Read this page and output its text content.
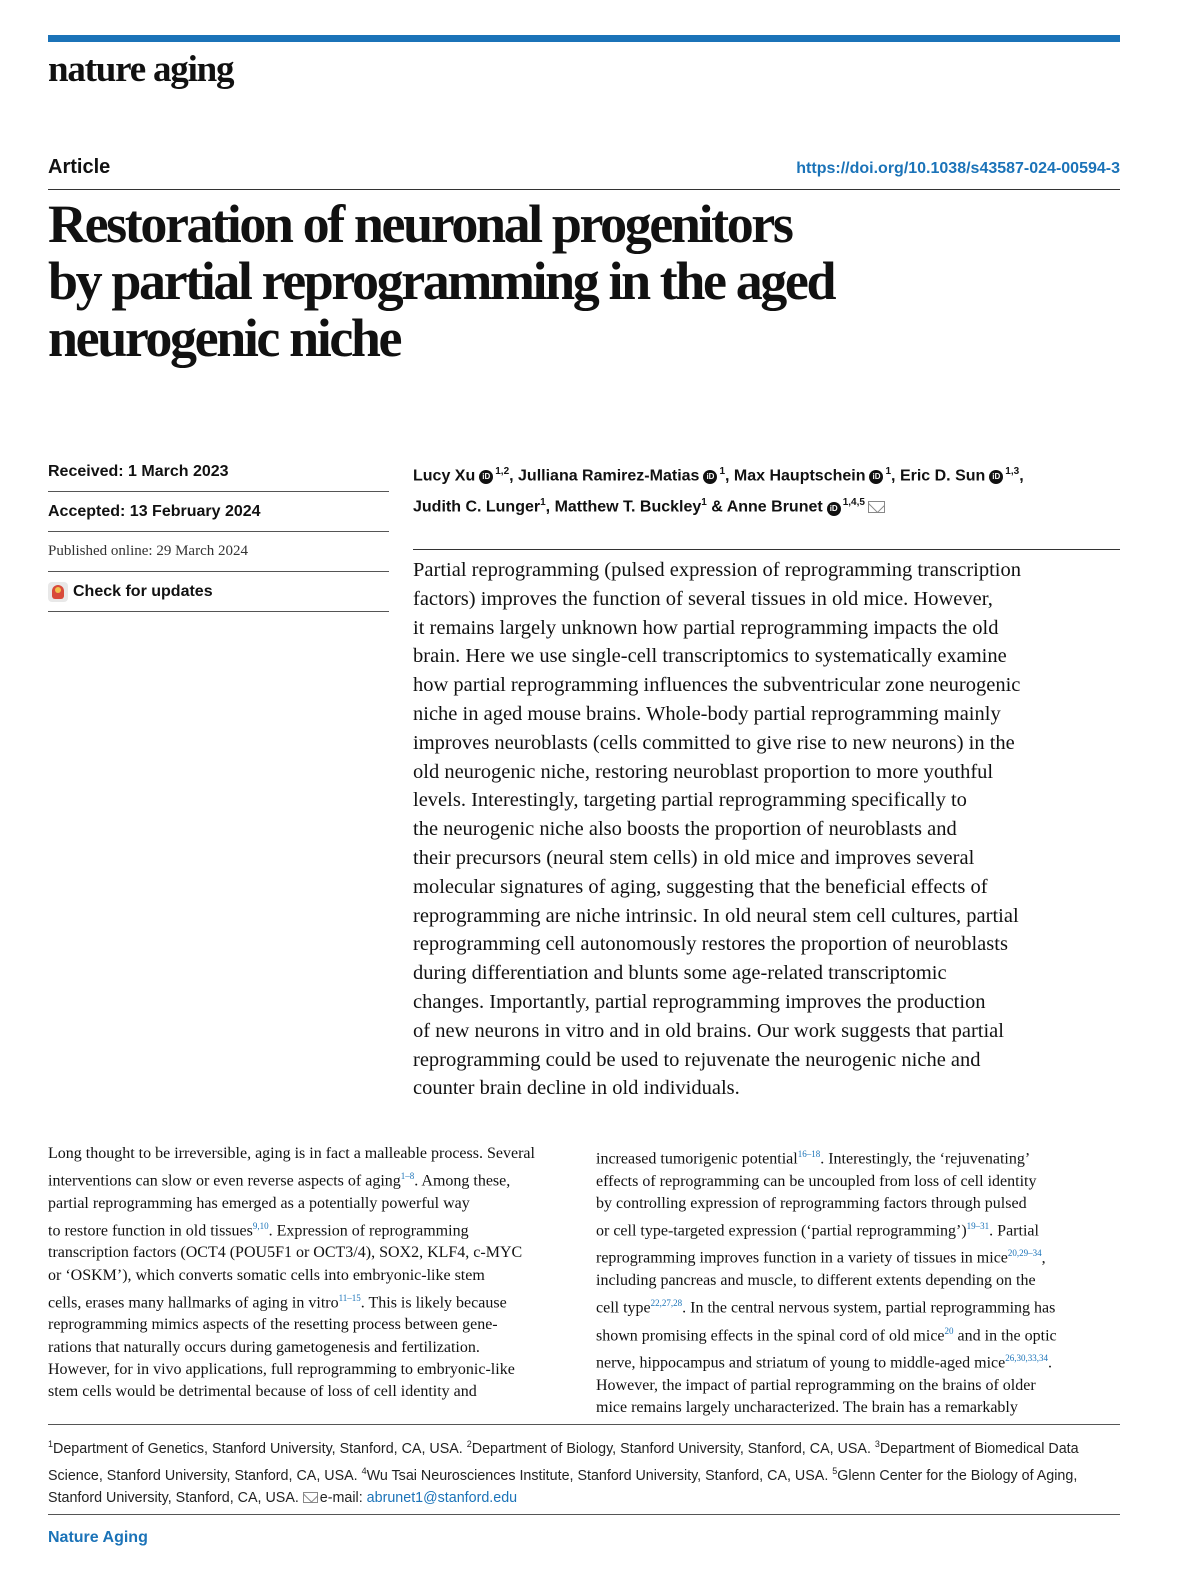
nature aging
Article	https://doi.org/10.1038/s43587-024-00594-3
Restoration of neuronal progenitors
by partial reprogramming in the aged
neurogenic niche
Received: 1 March 2023
Accepted: 13 February 2024
Published online: 29 March 2024
Check for updates
Lucy Xu iD $^{1,2}$, Julliana Ramirez-Matias iD $^1$, Max Hauptschein iD $^1$, Eric D. Sun iD $^{1,3}$,
Judith C. Lunger$^1$, Matthew T. Buckley$^1$ & Anne Brunet iD $^{1,4,5}$
Partial reprogramming (pulsed expression of reprogramming transcription
factors) improves the function of several tissues in old mice. However,
it remains largely unknown how partial reprogramming impacts the old
brain. Here we use single-cell transcriptomics to systematically examine
how partial reprogramming influences the subventricular zone neurogenic
niche in aged mouse brains. Whole-body partial reprogramming mainly
improves neuroblasts (cells committed to give rise to new neurons) in the
old neurogenic niche, restoring neuroblast proportion to more youthful
levels. Interestingly, targeting partial reprogramming specifically to
the neurogenic niche also boosts the proportion of neuroblasts and
their precursors (neural stem cells) in old mice and improves several
molecular signatures of aging, suggesting that the beneficial effects of
reprogramming are niche intrinsic. In old neural stem cell cultures, partial
reprogramming cell autonomously restores the proportion of neuroblasts
during differentiation and blunts some age-related transcriptomic
changes. Importantly, partial reprogramming improves the production
of new neurons in vitro and in old brains. Our work suggests that partial
reprogramming could be used to rejuvenate the neurogenic niche and
counter brain decline in old individuals.
Long thought to be irreversible, aging is in fact a malleable process. Several
interventions can slow or even reverse aspects of aging$^{1-8}$. Among these,
partial reprogramming has emerged as a potentially powerful way
to restore function in old tissues$^{9,10}$. Expression of reprogramming
transcription factors (OCT4 (POU5F1 or OCT3/4), SOX2, KLF4, c-MYC
or ‘OSKM’), which converts somatic cells into embryonic-like stem
cells, erases many hallmarks of aging in vitro$^{11-15}$. This is likely because
reprogramming mimics aspects of the resetting process between gene-
rations that naturally occurs during gametogenesis and fertilization.
However, for in vivo applications, full reprogramming to embryonic-like
stem cells would be detrimental because of loss of cell identity and
increased tumorigenic potential$^{16-18}$. Interestingly, the ‘rejuvenating’
effects of reprogramming can be uncoupled from loss of cell identity
by controlling expression of reprogramming factors through pulsed
or cell type-targeted expression (‘partial reprogramming’)$^{19-31}$. Partial
reprogramming improves function in a variety of tissues in mice$^{20,29-34}$,
including pancreas and muscle, to different extents depending on the
cell type$^{22,27,28}$. In the central nervous system, partial reprogramming has
shown promising effects in the spinal cord of old mice$^{20}$ and in the optic
nerve, hippocampus and striatum of young to middle-aged mice$^{26,30,33,34}$.
However, the impact of partial reprogramming on the brains of older
mice remains largely uncharacterized. The brain has a remarkably
$^1$Department of Genetics, Stanford University, Stanford, CA, USA. $^2$Department of Biology, Stanford University, Stanford, CA, USA. $^3$Department of Biomedical Data Science, Stanford University, Stanford, CA, USA. $^4$Wu Tsai Neurosciences Institute, Stanford University, Stanford, CA, USA. $^5$Glenn Center for the Biology of Aging, Stanford University, Stanford, CA, USA. e-mail: abrunet1@stanford.edu
Nature Aging
